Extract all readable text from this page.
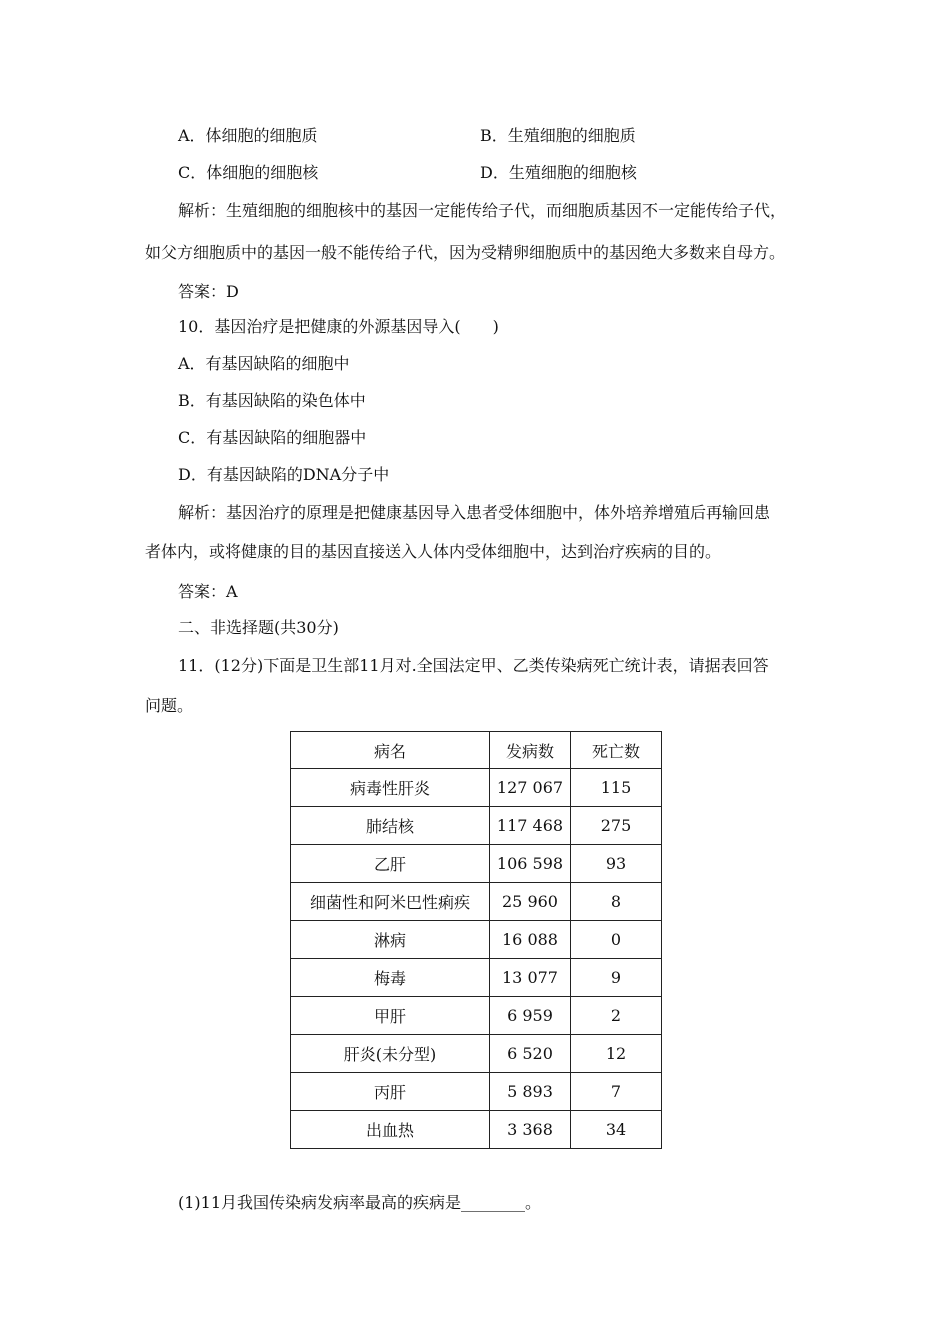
A．体细胞的细胞质	B．生殖细胞的细胞质
C．体细胞的细胞核	D．生殖细胞的细胞核
解析：生殖细胞的细胞核中的基因一定能传给子代，而细胞质基因不一定能传给子代，
如父方细胞质中的基因一般不能传给子代，因为受精卵细胞质中的基因绝大多数来自母方。
答案：D
10．基因治疗是把健康的外源基因导入(　　)
A．有基因缺陷的细胞中
B．有基因缺陷的染色体中
C．有基因缺陷的细胞器中
D．有基因缺陷的DNA分子中
解析：基因治疗的原理是把健康基因导入患者受体细胞中，体外培养增殖后再输回患
者体内，或将健康的目的基因直接送入人体内受体细胞中，达到治疗疾病的目的。
答案：A
二、非选择题(共30分)
11．(12分)下面是卫生部11月对.全国法定甲、乙类传染病死亡统计表，请据表回答
问题。
病名	发病数	死亡数
病毒性肝炎	127 067	115
肺结核	117 468	275
乙肝	106 598	93
细菌性和阿米巴性痢疾	25 960	8
淋病	16 088	0
梅毒	13 077	9
甲肝	6 959	2
肝炎(未分型)	6 520	12
丙肝	5 893	7
出血热	3 368	34
(1)11月我国传染病发病率最高的疾病是________。
